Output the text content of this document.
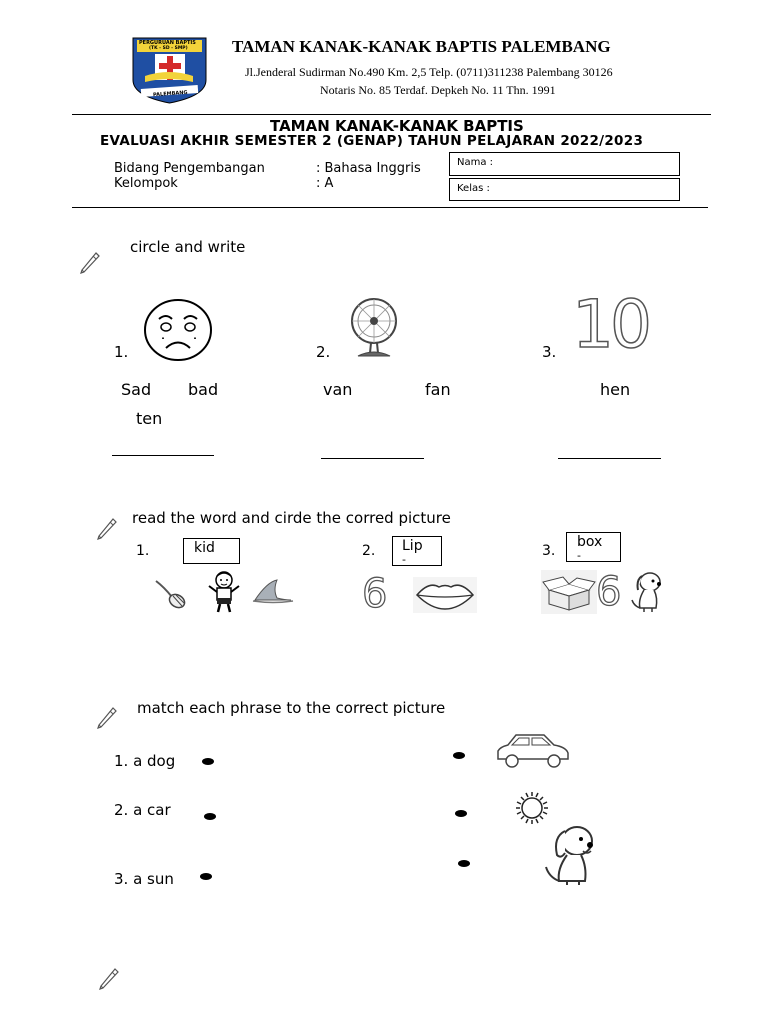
PERGURUAN BAPTIS
(TK - SD - SMP)
PALEMBANG
TAMAN KANAK-KANAK BAPTIS PALEMBANG
Jl.Jenderal Sudirman No.490 Km. 2,5 Telp. (0711)311238 Palembang 30126
Notaris No. 85 Terdaf. Depkeh No. 11 Thn. 1991
TAMAN KANAK-KANAK BAPTIS
EVALUASI AKHIR SEMESTER 2 (GENAP) TAHUN PELAJARAN 2022/2023
Bidang Pengembangan	: Bahasa Inggris
Kelompok	: A
Nama :
Kelas :
circle and write
1.	2.	3. 10
Sad bad
ten
van	fan	hen
read the word and cirde the corred picture
1.	kid	2.	Lip
-
6
3.
box
-
6
match each phrase to the correct picture
1. a dog
2. a car
3. a sun
